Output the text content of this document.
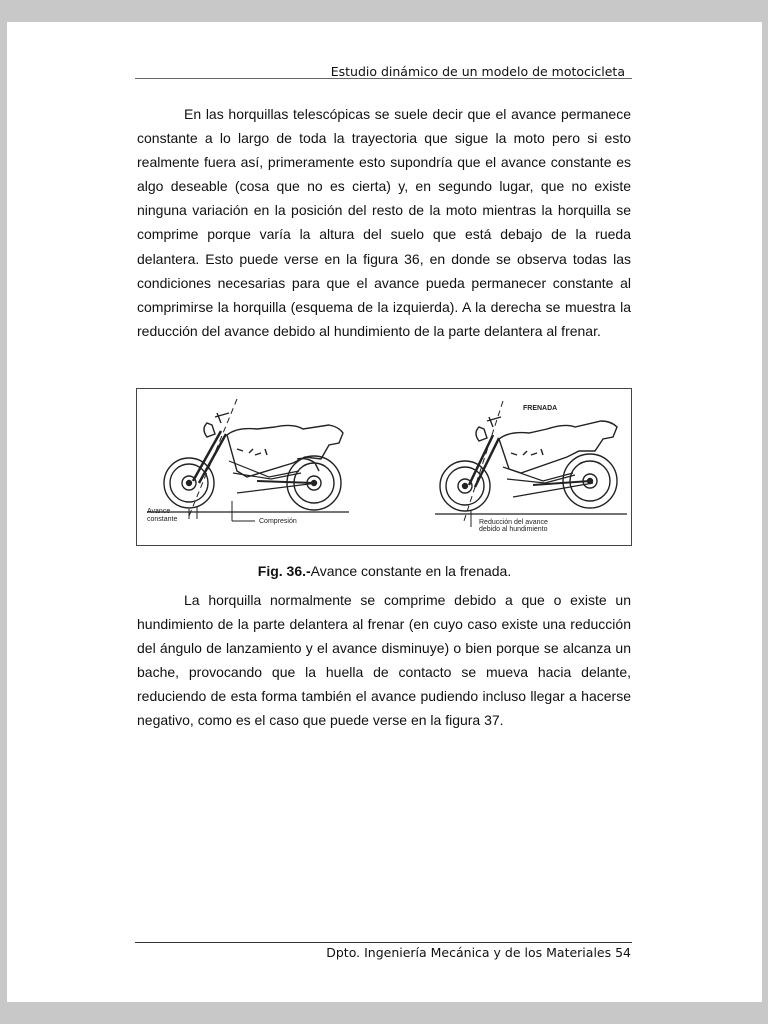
Estudio dinámico de un modelo de motocicleta
En las horquillas telescópicas se suele decir que el avance permanece
constante a lo largo de toda la trayectoria que sigue la moto pero si esto
realmente fuera así, primeramente esto supondría que el avance constante es
algo deseable (cosa que no es cierta) y, en segundo lugar, que no existe
ninguna variación en la posición del resto de la moto mientras la horquilla se
comprime porque varía la altura del suelo que está debajo de la rueda
delantera. Esto puede verse en la figura 36, en donde se observa todas las
condiciones necesarias para que el avance pueda permanecer constante al
comprimirse la horquilla (esquema de la izquierda). A la derecha se muestra la
reducción del avance debido al hundimiento de la parte delantera al frenar.
Avance
constante	Compresión
FRENADA
Reducción del avance
debido al hundimiento
Fig. 36.-Avance constante en la frenada.
La horquilla normalmente se comprime debido a que o existe un
hundimiento de la parte delantera al frenar (en cuyo caso existe una reducción
del ángulo de lanzamiento y el avance disminuye) o bien porque se alcanza un
bache, provocando que la huella de contacto se mueva hacia delante,
reduciendo de esta forma también el avance pudiendo incluso llegar a hacerse
negativo, como es el caso que puede verse en la figura 37.
Dpto. Ingeniería Mecánica y de los Materiales 54
